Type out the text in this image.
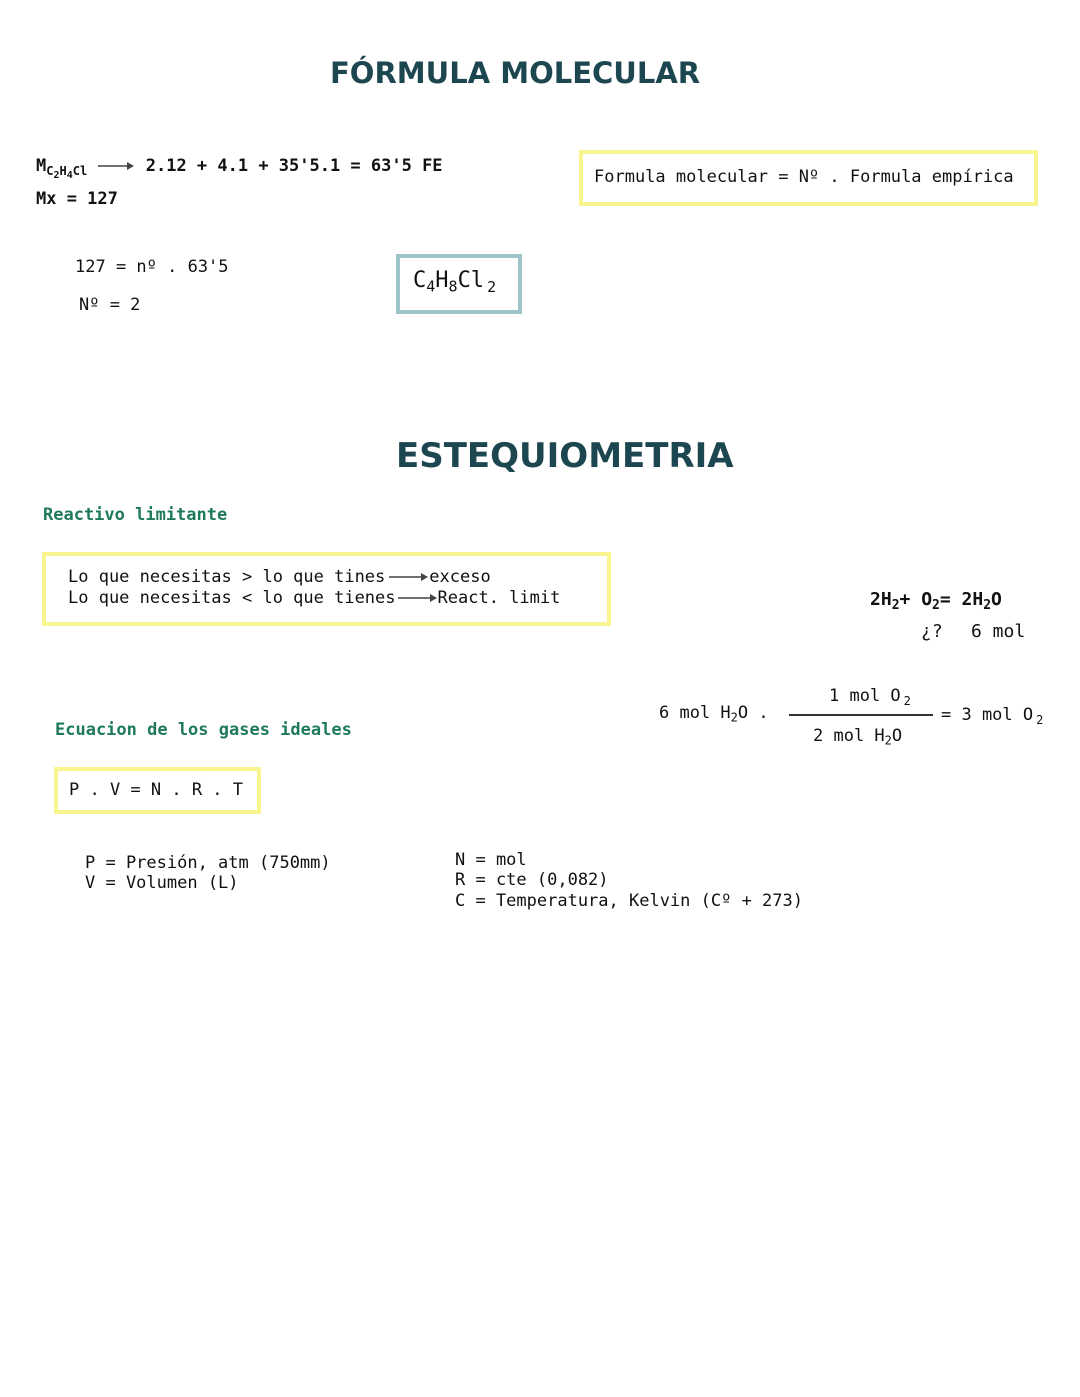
FÓRMULA MOLECULAR
ESTEQUIOMETRIA
$M_{C_2H_4Cl}$	2.12 + 4.1 + 35'5.1 = 63'5 FE
Mx = 127
Formula molecular = Nº . Formula empírica
127 = nº . 63'5
Nº = 2
$C_4H_8Cl$ $_2$
Reactivo limitante
Lo que necesitas > lo que tines	exceso
Lo que necesitas < lo que tienes React. limit	$2H_2+ O_2= 2H_2O$
¿? 6 mol
6 mol $H_2O$ .
1 mol O $_2$
2 mol $H_2O$
= 3 mol O $_2$
Ecuacion de los gases ideales
P . V = N . R . T
P = Presión, atm (750mm)
V = Volumen (L)
N = mol
R = cte (0,082)
C = Temperatura, Kelvin (Cº + 273)
